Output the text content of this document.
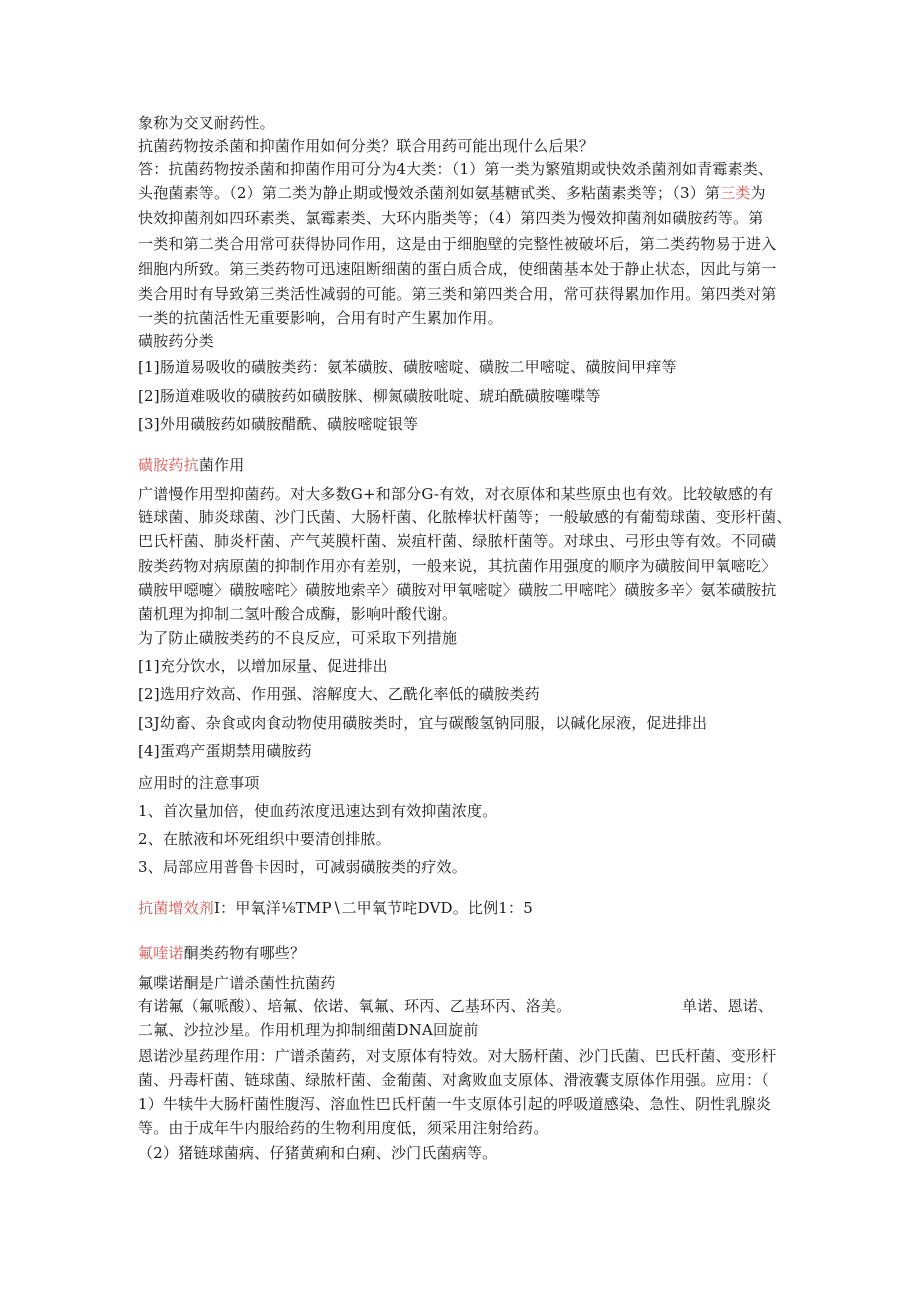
象称为交叉耐药性。
抗菌药物按杀菌和抑菌作用如何分类？联合用药可能出现什么后果？
答：抗菌药物按杀菌和抑菌作用可分为4大类：（1）第一类为繁殖期或快效杀菌剂如青霉素类、
头孢菌素等。（2）第二类为静止期或慢效杀菌剂如氨基糖甙类、多粘菌素类等；（3）第三类为
快效抑菌剂如四环素类、氯霉素类、大环内脂类等；（4）第四类为慢效抑菌剂如磺胺药等。第
一类和第二类合用常可获得协同作用，这是由于细胞壁的完整性被破坏后，第二类药物易于进入
细胞内所致。第三类药物可迅速阻断细菌的蛋白质合成，使细菌基本处于静止状态，因此与第一
类合用时有导致第三类活性减弱的可能。第三类和第四类合用，常可获得累加作用。第四类对第
一类的抗菌活性无重要影响，合用有时产生累加作用。
磺胺药分类
[1]肠道易吸收的磺胺类药：氨苯磺胺、磺胺嘧啶、磺胺二甲嘧啶、磺胺间甲痒等
[2]肠道难吸收的磺胺药如磺胺脒、柳氮磺胺吡啶、琥珀酰磺胺噻喋等
[3]外用磺胺药如磺胺醋酰、磺胺嘧啶银等
磺胺药抗菌作用
广谱慢作用型抑菌药。对大多数G+和部分G-有效，对衣原体和某些原虫也有效。比较敏感的有
链球菌、肺炎球菌、沙门氏菌、大肠杆菌、化脓棒状杆菌等；一般敏感的有葡萄球菌、变形杆菌、
巴氏杆菌、肺炎杆菌、产气荚膜杆菌、炭疽杆菌、绿脓杆菌等。对球虫、弓形虫等有效。不同磺
胺类药物对病原菌的抑制作用亦有差别，一般来说，其抗菌作用强度的顺序为磺胺间甲氧嘧吃〉
磺胺甲噁嚏〉磺胺嘧咤〉磺胺地索辛〉磺胺对甲氧嘧啶〉磺胺二甲嘧咤〉磺胺多辛〉氨苯磺胺抗
菌机理为抑制二氢叶酸合成酶，影响叶酸代谢。
为了防止磺胺类药的不良反应，可采取下列措施
[1]充分饮水，以增加尿量、促进排出
[2]选用疗效高、作用强、溶解度大、乙酰化率低的磺胺类药
[3J幼畜、杂食或肉食动物使用磺胺类时，宜与碳酸氢钠同服，以碱化尿液，促进排出
[4]蛋鸡产蛋期禁用磺胺药
应用时的注意事项
1、首次量加倍，使血药浓度迅速达到有效抑菌浓度。
2、在脓液和坏死组织中要清创排脓。
3、局部应用普鲁卡因时，可减弱磺胺类的疗效。
抗菌增效剂I：甲氧洋⅛TMP∖二甲氧节咤DVD。比例1：5
氟喹诺酮类药物有哪些？
氟喋诺酮是广谱杀菌性抗菌药
有诺氟（氟哌酸）、培氟、依诺、氧氟、环丙、乙基环丙、洛美。	单诺、恩诺、
二氟、沙拉沙星。作用机理为抑制细菌DNA回旋前
恩诺沙星药理作用：广谱杀菌药，对支原体有特效。对大肠杆菌、沙门氏菌、巴氏杆菌、变形杆
菌、丹毒杆菌、链球菌、绿脓杆菌、金葡菌、对禽败血支原体、滑液囊支原体作用强。应用：（
1）牛犊牛大肠杆菌性腹泻、溶血性巴氏杆菌一牛支原体引起的呼吸道感染、急性、阴性乳腺炎
等。由于成年牛内服给药的生物利用度低，须采用注射给药。
（2）猪链球菌病、仔猪黄痢和白痢、沙门氏菌病等。
